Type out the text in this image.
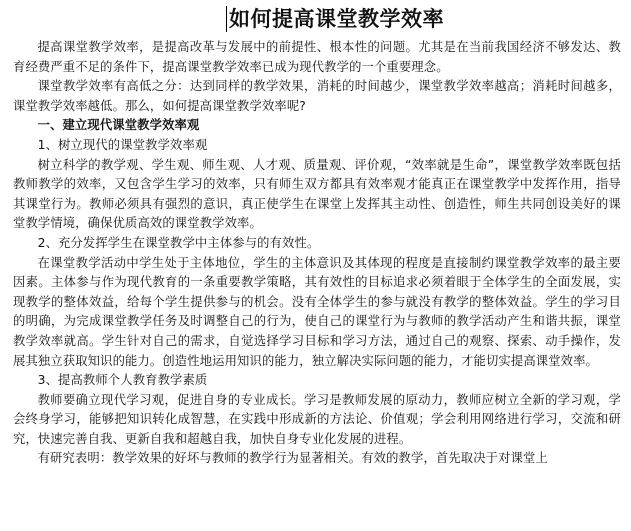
如何提高课堂教学效率

提高课堂教学效率，是提高改革与发展中的前提性、根本性的问题。尤其是在当前我国经济不够发达、教育经费严重不足的条件下，提高课堂教学效率已成为现代教学的一个重要理念。

课堂教学效率有高低之分：达到同样的教学效果，消耗的时间越少，课堂教学效率越高；消耗时间越多，课堂教学效率越低。那么，如何提高课堂教学效率呢?

一、建立现代课堂教学效率观

1、树立现代的课堂教学效率观

树立科学的教学观、学生观、师生观、人才观、质量观、评价观，“效率就是生命”，课堂教学效率既包括教师教学的效率，又包含学生学习的效率，只有师生双方都具有效率观才能真正在课堂教学中发挥作用，指导其课堂行为。教师必须具有强烈的意识，真正使学生在课堂上发挥其主动性、创造性，师生共同创设美好的课堂教学情境，确保优质高效的课堂教学效率。

2、充分发挥学生在课堂教学中主体参与的有效性。

在课堂教学活动中学生处于主体地位，学生的主体意识及其体现的程度是直接制约课堂教学效率的最主要因素。主体参与作为现代教育的一条重要教学策略，其有效性的目标追求必须着眼于全体学生的全面发展，实现教学的整体效益，给每个学生提供参与的机会。没有全体学生的参与就没有教学的整体效益。学生的学习目的明确，为完成课堂教学任务及时调整自己的行为，使自己的课堂行为与教师的教学活动产生和谐共振，课堂教学效率就高。学生针对自己的需求，自觉选择学习目标和学习方法，通过自己的观察、探索、动手操作，发展其独立获取知识的能力。创造性地运用知识的能力，独立解决实际问题的能力，才能切实提高课堂效率。

3、提高教师个人教育教学素质

教师要确立现代学习观，促进自身的专业成长。学习是教师发展的原动力，教师应树立全新的学习观，学会终身学习，能够把知识转化成智慧，在实践中形成新的方法论、价值观；学会利用网络进行学习，交流和研究，快速完善自我、更新自我和超越自我，加快自身专业化发展的进程。

有研究表明：教学效果的好坏与教师的教学行为显著相关。有效的教学，首先取决于对课堂上
